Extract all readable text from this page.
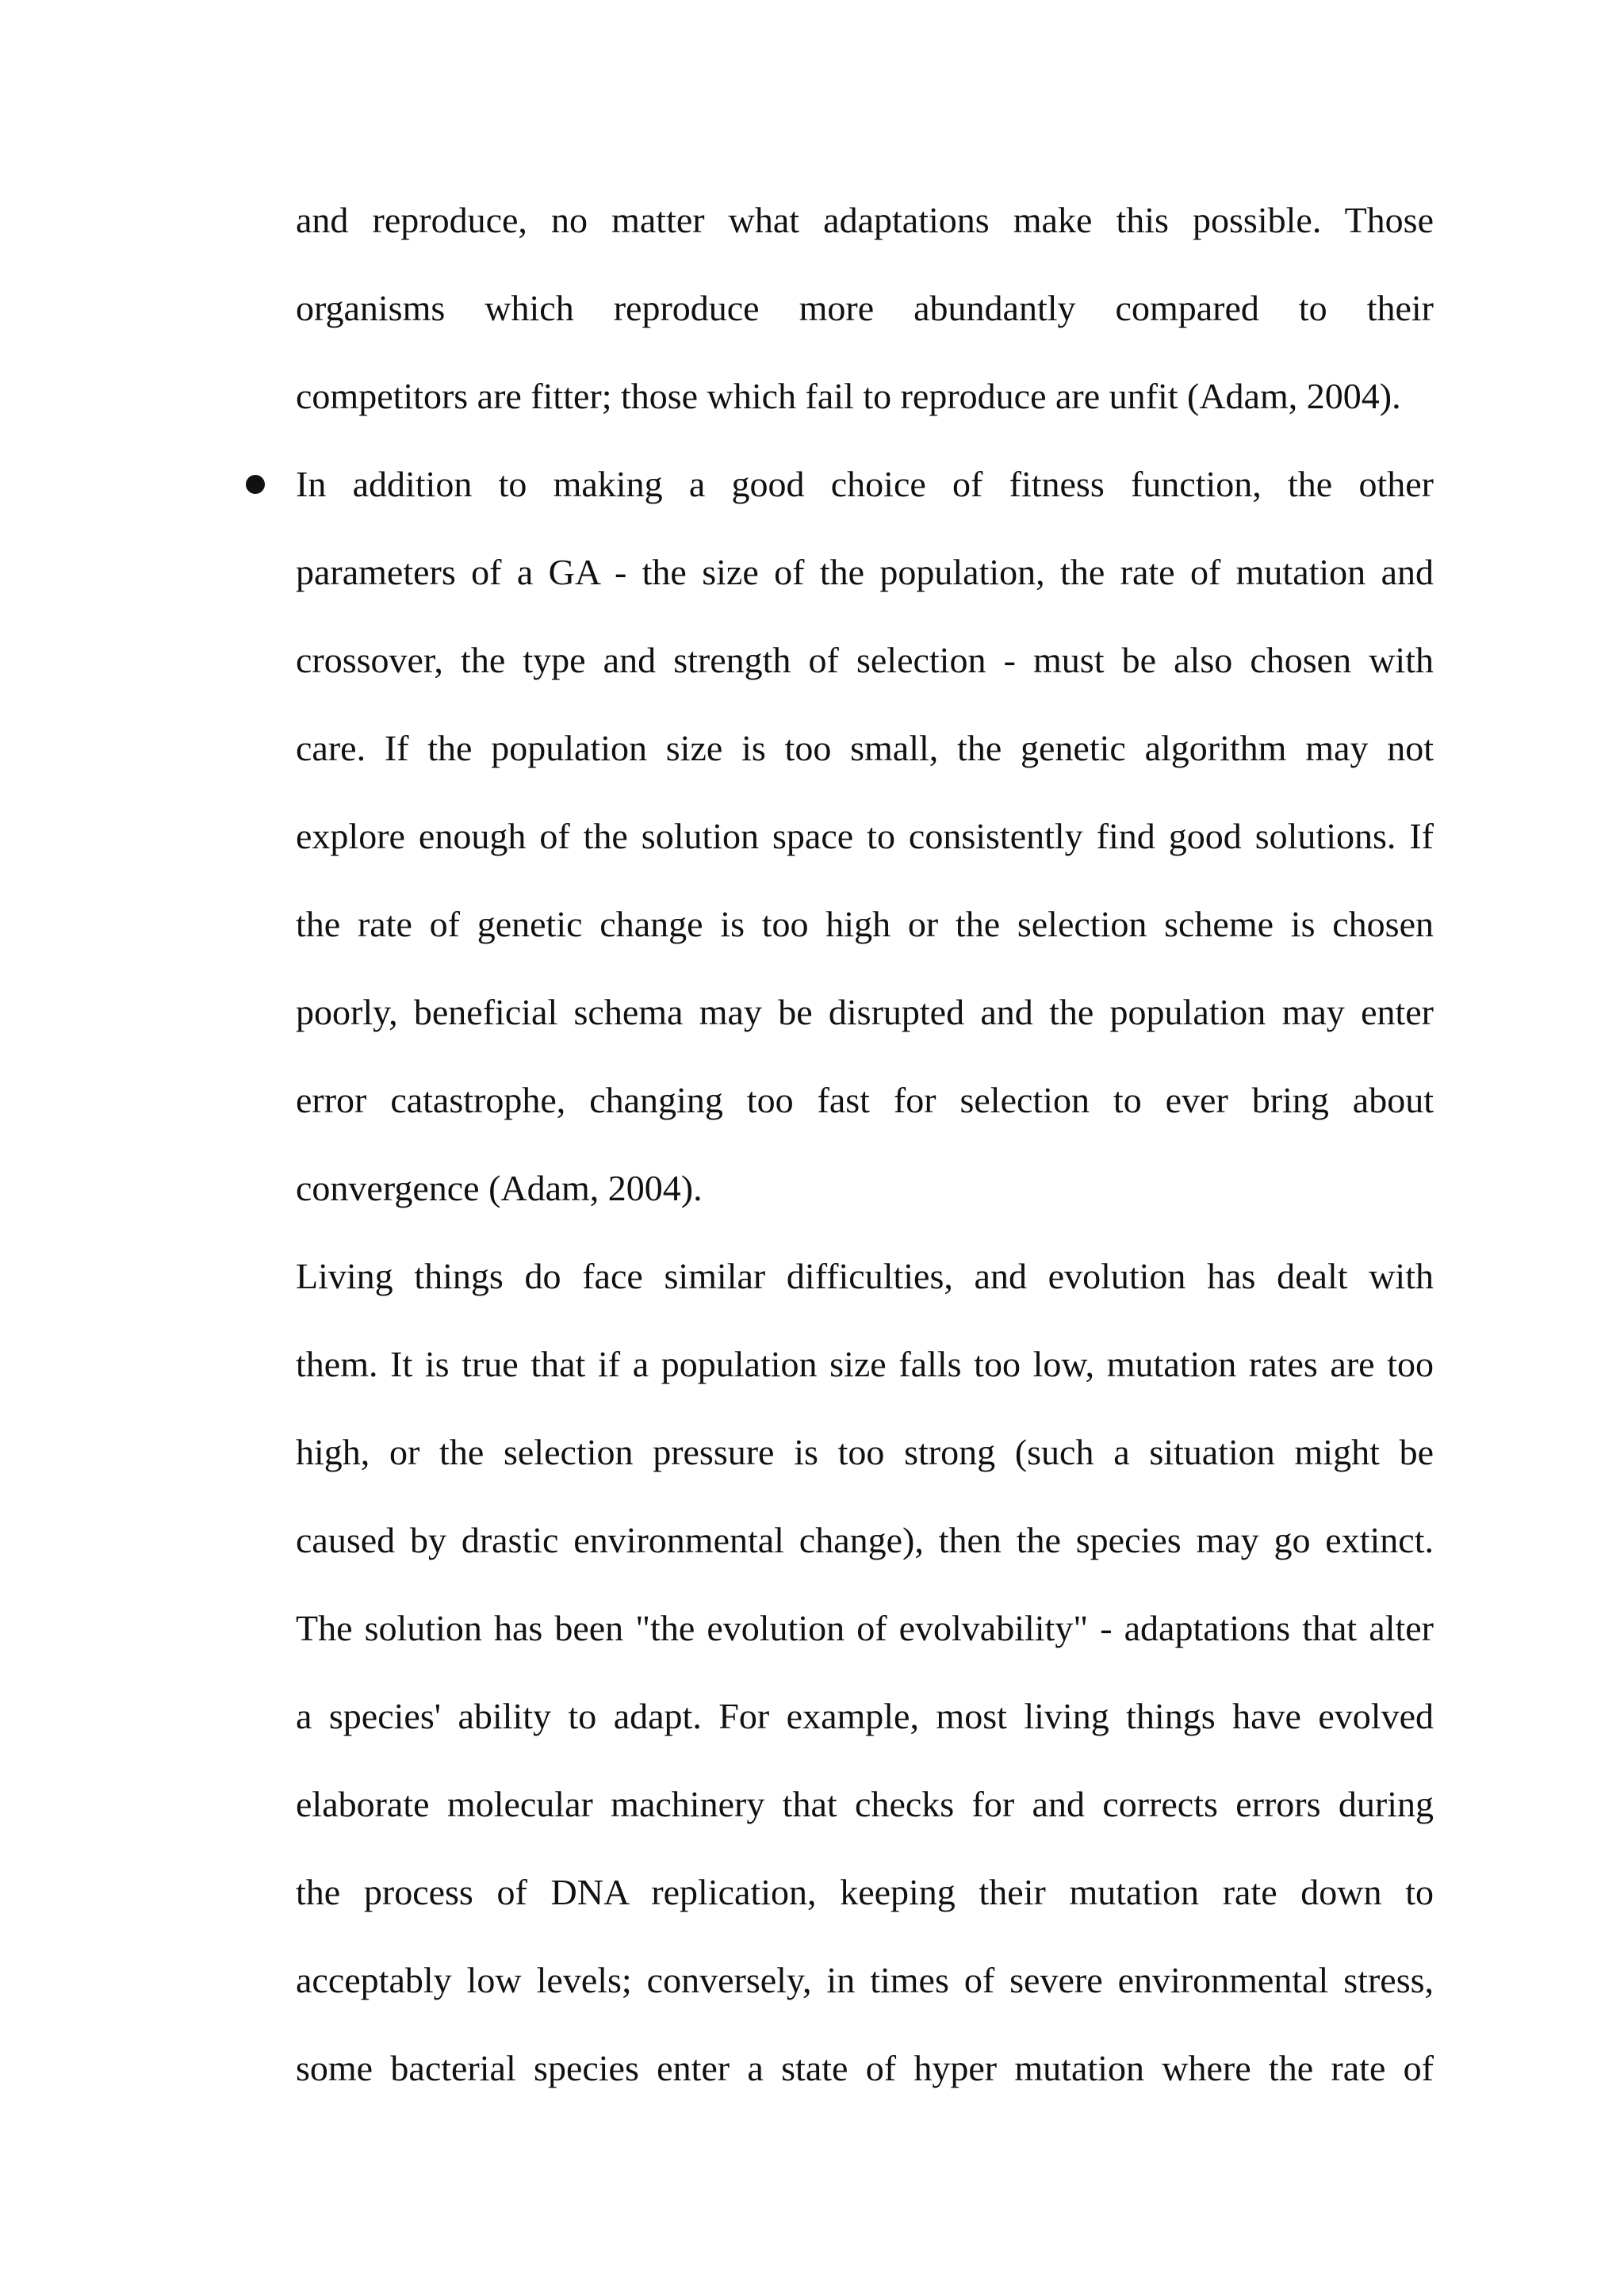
and reproduce, no matter what adaptations make this possible. Those

organisms which reproduce more abundantly compared to their

competitors are fitter; those which fail to reproduce are unfit (Adam, 2004).

In addition to making a good choice of fitness function, the other

parameters of a GA - the size of the population, the rate of mutation and

crossover, the type and strength of selection - must be also chosen with

care. If the population size is too small, the genetic algorithm may not

explore enough of the solution space to consistently find good solutions. If

the rate of genetic change is too high or the selection scheme is chosen

poorly, beneficial schema may be disrupted and the population may enter

error catastrophe, changing too fast for selection to ever bring about

convergence (Adam, 2004).

Living things do face similar difficulties, and evolution has dealt with

them. It is true that if a population size falls too low, mutation rates are too

high, or the selection pressure is too strong (such a situation might be

caused by drastic environmental change), then the species may go extinct.

The solution has been "the evolution of evolvability" - adaptations that alter

a species' ability to adapt. For example, most living things have evolved

elaborate molecular machinery that checks for and corrects errors during

the process of DNA replication, keeping their mutation rate down to

acceptably low levels; conversely, in times of severe environmental stress,

some bacterial species enter a state of hyper mutation where the rate of
